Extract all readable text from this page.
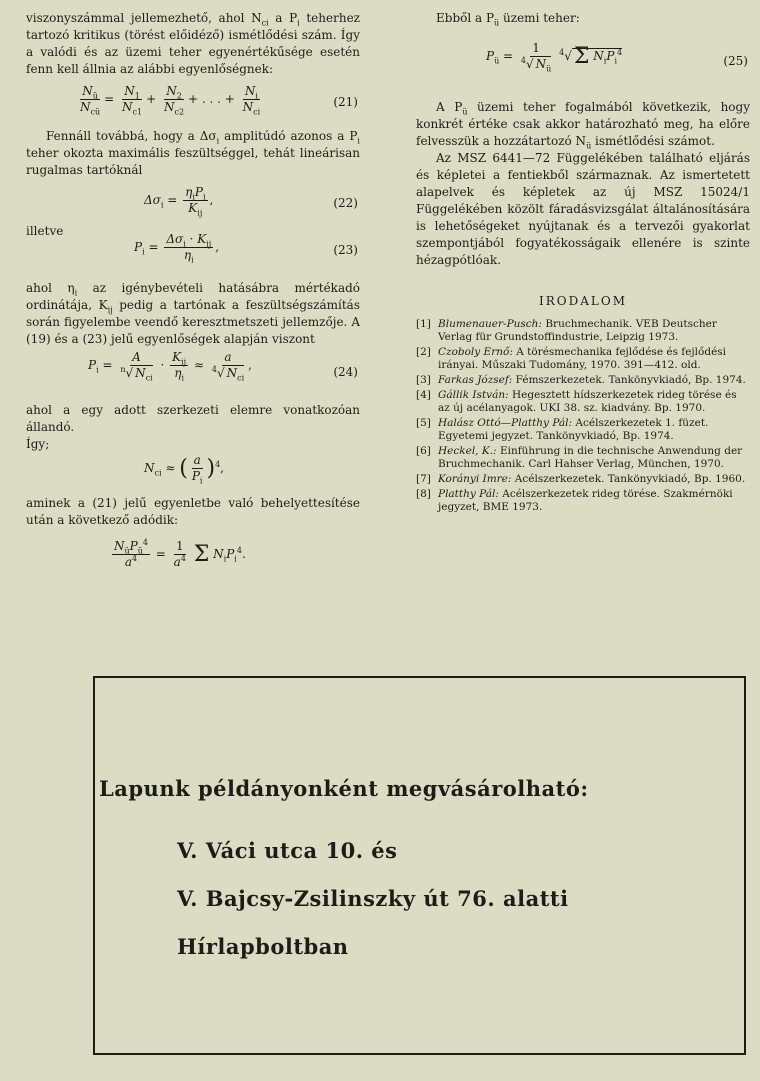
viszonyszámmal jellemezhető, ahol $N_{ci}$ a $P_i$ teherhez tartozó kritikus (törést előidéző) ismétlődési szám. Így a valódi és az üzemi teher egyenértékűsége esetén fenn kell állnia az alábbi egyenlőségnek:

$\frac{N_ü}{N_{cü}} = \frac{N_1}{N_{c1}} + \frac{N_2}{N_{c2}}$ + . . . + $\frac{N_i}{N_{ci}}$	(21)

Fennáll továbbá, hogy a $\Delta\sigma_i$ amplitúdó azonos a $P_i$ teher okozta maximális feszültséggel, tehát lineárisan rugalmas tartóknál

$\Delta\sigma_i = \frac{\eta_iP_i}{K_{ij}}$ ,	(22)

illetve

$P_i = \frac{\Delta\sigma_i \cdot K_{ij}}{\eta_i}$ ,	(23)

ahol $\eta_i$ az igénybevételi hatásábra mértékadó ordinátája, $K_{ij}$ pedig a tartónak a feszültségszámítás során figyelembe veendő keresztmetszeti jellemzője. A (19) és a (23) jelű egyenlőségek alapján viszont

$P_i = \frac{A}{^n√ N_{ci}} \cdot \frac{K_{ij}}{\eta_i} \approx \frac{a}{^4√ N_{ci}}$ ,	(24)

ahol a egy adott szerkezeti elemre vonatkozóan állandó.

Így;

$N_{ci}$ ≈ ( $\frac{a}{P_i} )^4$,

aminek a (21) jelű egyenletbe való behelyettesítése után a következő adódik:

$\frac{N_üP_ü^4}{a^4} = \frac{1}{a^4}$ Σ $N_iP_i^4$.

Ebből a $P_ü$ üzemi teher:

$P_ü = \frac{1}{^4√ N_ü} ^4√\Sigma$ $N_iP_i^4$
(25)

A $P_ü$ üzemi teher fogalmából következik, hogy konkrét értéke csak akkor határozható meg, ha előre felvesszük a hozzátartozó $N_ü$ ismétlődési számot.

Az MSZ 6441—72 Függelékében található eljárás és képletei a fentiekből származnak. Az ismertetett alapelvek és képletek az új MSZ 15024/1 Függelékében közölt fáradásvizsgálat általánosítására is lehetőségeket nyújtanak és a tervezői gyakorlat szempontjából fogyatékosságaik ellenére is szinte hézagpótlóak.

IRODALOM

[1] Blumenauer-Pusch: Bruchmechanik. VEB Deutscher Verlag für Grundstoffindustrie, Leipzig 1973.
[2] Czoboly Ernő: A törésmechanika fejlődése és fejlődési irányai. Műszaki Tudomány, 1970. 391—412. old.
[3] Farkas József: Fémszerkezetek. Tankönyvkiadó, Bp. 1974.
[4] Gállik István: Hegesztett hídszerkezetek rideg törése és az új acélanyagok. UKI 38. sz. kiadvány. Bp. 1970.
[5] Halász Ottó—Platthy Pál: Acélszerkezetek 1. füzet. Egyetemi jegyzet. Tankönyvkiadó, Bp. 1974.
[6] Heckel, K.: Einführung in die technische Anwendung der Bruchmechanik. Carl Hahser Verlag, München, 1970.
[7] Korányi Imre: Acélszerkezetek. Tankönyvkiadó, Bp. 1960.
[8] Platthy Pál: Acélszerkezetek rideg törése. Szakmérnöki jegyzet, BME 1973.
Lapunk példányonként megvásárolható:
V. Váci utca 10. és
V. Bajcsy-Zsilinszky út 76. alatti
Hírlapboltban
